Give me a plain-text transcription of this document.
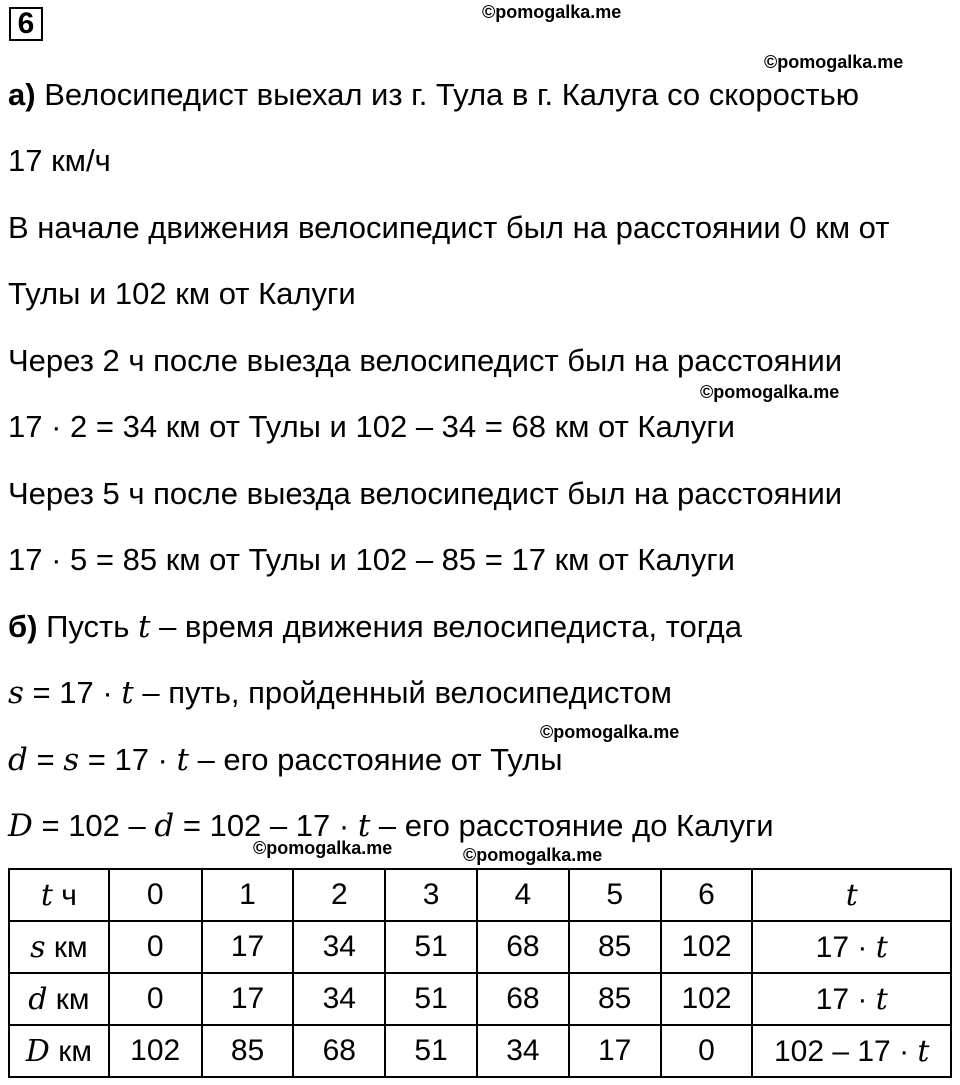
6	©pomogalka.me
©pomogalka.me
©pomogalka.me
©pomogalka.me
©pomogalka.me	©pomogalka.me
а) Велосипедист выехал из г. Тула в г. Калуга со скоростью
17 км/ч
В начале движения велосипедист был на расстоянии 0 км от
Тулы и 102 км от Калуги
Через 2 ч после выезда велосипедист был на расстоянии
17 · 2 = 34 км от Тулы и 102 – 34 = 68 км от Калуги
Через 5 ч после выезда велосипедист был на расстоянии
17 · 5 = 85 км от Тулы и 102 – 85 = 17 км от Калуги
б) Пусть t – время движения велосипедиста, тогда
s = 17 · t – путь, пройденный велосипедистом
d = s = 17 · t – его расстояние от Тулы
D = 102 – d = 102 – 17 · t – его расстояние до Калуги
t ч	0	1	2	3	4	5	6	t
s км	0	17	34	51	68	85	102	17 · t
d км	0	17	34	51	68	85	102	17 · t
D км	102	85	68	51	34	17	0	102 – 17 · t
